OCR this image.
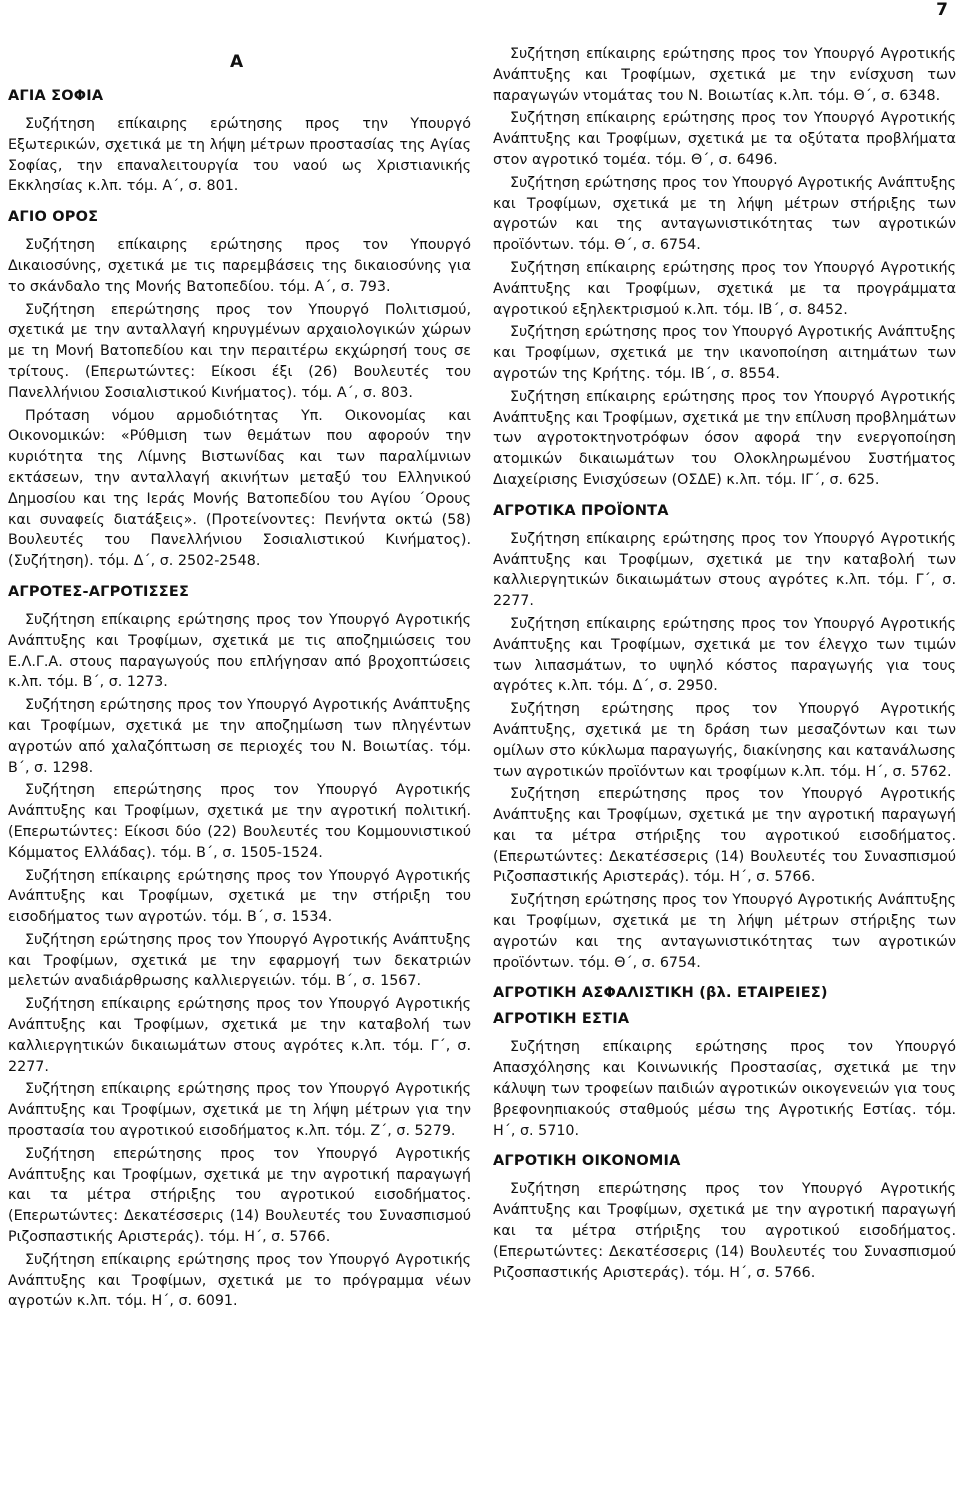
7
Α
ΑΓΙΑ ΣΟΦΙΑ

Συζήτηση επίκαιρης ερώτησης προς την Υπουργό Εξωτερικών, σχετικά με τη λήψη μέτρων προστασίας της Αγίας Σοφίας, την επαναλειτουργία του ναού ως Χριστιανικής Εκκλησίας κ.λπ. τόμ. Α΄, σ. 801.

ΑΓΙΟ ΟΡΟΣ

Συζήτηση επίκαιρης ερώτησης προς τον Υπουργό Δικαιοσύνης, σχετικά με τις παρεμβάσεις της δικαιοσύνης για το σκάνδαλο της Μονής Βατοπεδίου. τόμ. Α΄, σ. 793.

Συζήτηση επερώτησης προς τον Υπουργό Πολιτισμού, σχετικά με την ανταλλαγή κηρυγμένων αρχαιολογικών χώρων με τη Μονή Βατοπεδίου και την περαιτέρω εκχώρησή τους σε τρίτους. (Επερωτώντες: Είκοσι έξι (26) Βουλευτές του Πανελλήνιου Σοσιαλιστικού Κινήματος). τόμ. Α΄, σ. 803.

Πρόταση νόμου αρμοδιότητας Υπ. Οικονομίας και Οικονομικών: «Ρύθμιση των θεμάτων που αφορούν την κυριότητα της Λίμνης Βιστωνίδας και των παραλίμνιων εκτάσεων, την ανταλλαγή ακινήτων μεταξύ του Ελληνικού Δημοσίου και της Ιεράς Μονής Βατοπεδίου του Αγίου ΄Ορους και συναφείς διατάξεις». (Προτείνοντες: Πενήντα οκτώ (58) Βουλευτές του Πανελλήνιου Σοσιαλιστικού Κινήματος). (Συζήτηση). τόμ. Δ΄, σ. 2502-2548.

ΑΓΡΟΤΕΣ-ΑΓΡΟΤΙΣΣΕΣ

Συζήτηση επίκαιρης ερώτησης προς τον Υπουργό Αγροτικής Ανάπτυξης και Τροφίμων, σχετικά με τις αποζημιώσεις του Ε.Λ.Γ.Α. στους παραγωγούς που επλήγησαν από βροχοπτώσεις κ.λπ. τόμ. Β΄, σ. 1273.

Συζήτηση ερώτησης προς τον Υπουργό Αγροτικής Ανάπτυξης και Τροφίμων, σχετικά με την αποζημίωση των πληγέντων αγροτών από χαλαζόπτωση σε περιοχές του Ν. Βοιωτίας. τόμ. Β΄, σ. 1298.

Συζήτηση επερώτησης προς τον Υπουργό Αγροτικής Ανάπτυξης και Τροφίμων, σχετικά με την αγροτική πολιτική. (Επερωτώντες: Είκοσι δύο (22) Βουλευτές του Κομμουνιστικού Κόμματος Ελλάδας). τόμ. Β΄, σ. 1505-1524.

Συζήτηση επίκαιρης ερώτησης προς τον Υπουργό Αγροτικής Ανάπτυξης και Τροφίμων, σχετικά με την στήριξη του εισοδήματος των αγροτών. τόμ. Β΄, σ. 1534.

Συζήτηση ερώτησης προς τον Υπουργό Αγροτικής Ανάπτυξης και Τροφίμων, σχετικά με την εφαρμογή των δεκατριών μελετών αναδιάρθρωσης καλλιεργειών. τόμ. Β΄, σ. 1567.

Συζήτηση επίκαιρης ερώτησης προς τον Υπουργό Αγροτικής Ανάπτυξης και Τροφίμων, σχετικά με την καταβολή των καλλιεργητικών δικαιωμάτων στους αγρότες κ.λπ. τόμ. Γ΄, σ. 2277.

Συζήτηση επίκαιρης ερώτησης προς τον Υπουργό Αγροτικής Ανάπτυξης και Τροφίμων, σχετικά με τη λήψη μέτρων για την προστασία του αγροτικού εισοδήματος κ.λπ. τόμ. Ζ΄, σ. 5279.

Συζήτηση επερώτησης προς τον Υπουργό Αγροτικής Ανάπτυξης και Τροφίμων, σχετικά με την αγροτική παραγωγή και τα μέτρα στήριξης του αγροτικού εισοδήματος. (Επερωτώντες: Δεκατέσσερις (14) Βουλευτές του Συνασπισμού Ριζοσπαστικής Αριστεράς). τόμ. Η΄, σ. 5766.

Συζήτηση επίκαιρης ερώτησης προς τον Υπουργό Αγροτικής Ανάπτυξης και Τροφίμων, σχετικά με το πρόγραμμα νέων αγροτών κ.λπ. τόμ. Η΄, σ. 6091.

Συζήτηση επίκαιρης ερώτησης προς τον Υπουργό Αγροτικής Ανάπτυξης και Τροφίμων, σχετικά με την ενίσχυση των παραγωγών ντομάτας του Ν. Βοιωτίας κ.λπ. τόμ. Θ΄, σ. 6348.

Συζήτηση επίκαιρης ερώτησης προς τον Υπουργό Αγροτικής Ανάπτυξης και Τροφίμων, σχετικά με τα οξύτατα προβλήματα στον αγροτικό τομέα. τόμ. Θ΄, σ. 6496.

Συζήτηση ερώτησης προς τον Υπουργό Αγροτικής Ανάπτυξης και Τροφίμων, σχετικά με τη λήψη μέτρων στήριξης των αγροτών και της ανταγωνιστικότητας των αγροτικών προϊόντων. τόμ. Θ΄, σ. 6754.

Συζήτηση επίκαιρης ερώτησης προς τον Υπουργό Αγροτικής Ανάπτυξης και Τροφίμων, σχετικά με τα προγράμματα αγροτικού εξηλεκτρισμού κ.λπ. τόμ. ΙΒ΄, σ. 8452.

Συζήτηση ερώτησης προς τον Υπουργό Αγροτικής Ανάπτυξης και Τροφίμων, σχετικά με την ικανοποίηση αιτημάτων των αγροτών της Κρήτης. τόμ. ΙΒ΄, σ. 8554.

Συζήτηση επίκαιρης ερώτησης προς τον Υπουργό Αγροτικής Ανάπτυξης και Τροφίμων, σχετικά με την επίλυση προβλημάτων των αγροτοκτηνοτρόφων όσον αφορά την ενεργοποίηση ατομικών δικαιωμάτων του Ολοκληρωμένου Συστήματος Διαχείρισης Ενισχύσεων (ΟΣΔΕ) κ.λπ. τόμ. ΙΓ΄, σ. 625.

ΑΓΡΟΤΙΚΑ ΠΡΟΪΟΝΤΑ

Συζήτηση επίκαιρης ερώτησης προς τον Υπουργό Αγροτικής Ανάπτυξης και Τροφίμων, σχετικά με την καταβολή των καλλιεργητικών δικαιωμάτων στους αγρότες κ.λπ. τόμ. Γ΄, σ. 2277.

Συζήτηση επίκαιρης ερώτησης προς τον Υπουργό Αγροτικής Ανάπτυξης και Τροφίμων, σχετικά με τον έλεγχο των τιμών των λιπασμάτων, το υψηλό κόστος παραγωγής για τους αγρότες κ.λπ. τόμ. Δ΄, σ. 2950.

Συζήτηση ερώτησης προς τον Υπουργό Αγροτικής Ανάπτυξης, σχετικά με τη δράση των μεσαζόντων και των ομίλων στο κύκλωμα παραγωγής, διακίνησης και κατανάλωσης των αγροτικών προϊόντων και τροφίμων κ.λπ. τόμ. Η΄, σ. 5762.

Συζήτηση επερώτησης προς τον Υπουργό Αγροτικής Ανάπτυξης και Τροφίμων, σχετικά με την αγροτική παραγωγή και τα μέτρα στήριξης του αγροτικού εισοδήματος. (Επερωτώντες: Δεκατέσσερις (14) Βουλευτές του Συνασπισμού Ριζοσπαστικής Αριστεράς). τόμ. Η΄, σ. 5766.

Συζήτηση ερώτησης προς τον Υπουργό Αγροτικής Ανάπτυξης και Τροφίμων, σχετικά με τη λήψη μέτρων στήριξης των αγροτών και της ανταγωνιστικότητας των αγροτικών προϊόντων. τόμ. Θ΄, σ. 6754.

ΑΓΡΟΤΙΚΗ ΑΣΦΑΛΙΣΤΙΚΗ (βλ. ΕΤΑΙΡΕΙΕΣ)
ΑΓΡΟΤΙΚΗ ΕΣΤΙΑ

Συζήτηση επίκαιρης ερώτησης προς τον Υπουργό Απασχόλησης και Κοινωνικής Προστασίας, σχετικά με την κάλυψη των τροφείων παιδιών αγροτικών οικογενειών για τους βρεφονηπιακούς σταθμούς μέσω της Αγροτικής Εστίας. τόμ. Η΄, σ. 5710.

ΑΓΡΟΤΙΚΗ ΟΙΚΟΝΟΜΙΑ

Συζήτηση επερώτησης προς τον Υπουργό Αγροτικής Ανάπτυξης και Τροφίμων, σχετικά με την αγροτική παραγωγή και τα μέτρα στήριξης του αγροτικού εισοδήματος. (Επερωτώντες: Δεκατέσσερις (14) Βουλευτές του Συνασπισμού Ριζοσπαστικής Αριστεράς). τόμ. Η΄, σ. 5766.
